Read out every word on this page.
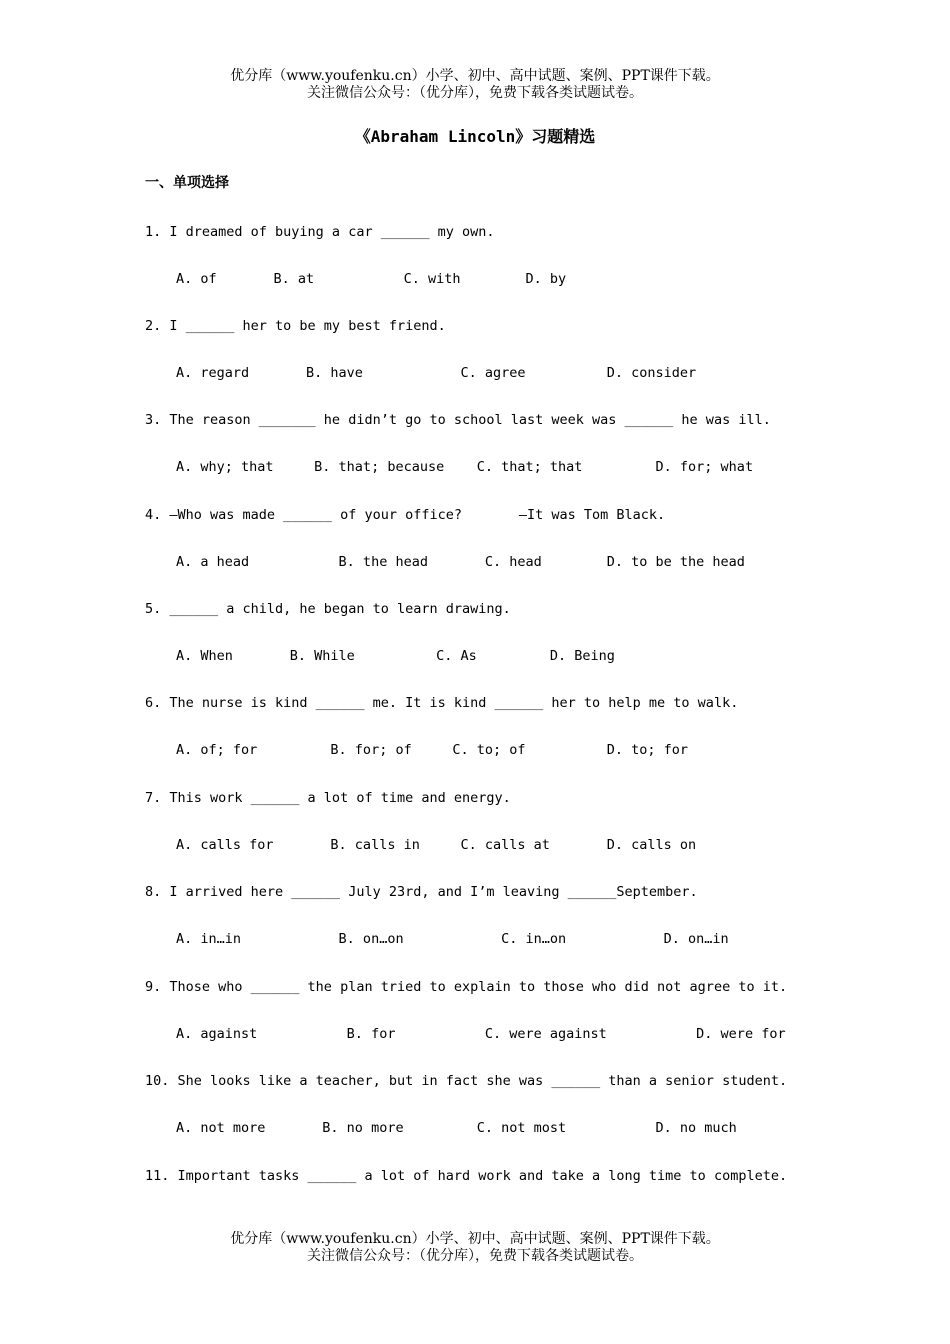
优分库（www.youfenku.cn）小学、初中、高中试题、案例、PPT课件下载。
关注微信公众号：（优分库），免费下载各类试题试卷。
《Abraham Lincoln》习题精选
一、单项选择
1. I dreamed of buying a car ______ my own.
A. of       B. at           C. with        D. by
2. I ______ her to be my best friend.
A. regard       B. have            C. agree          D. consider
3. The reason _______ he didn’t go to school last week was ______ he was ill.
A. why; that     B. that; because    C. that; that         D. for; what
4. —Who was made ______ of your office?       —It was Tom Black.
A. a head           B. the head       C. head        D. to be the head
5. ______ a child, he began to learn drawing.
A. When       B. While          C. As         D. Being
6. The nurse is kind ______ me. It is kind ______ her to help me to walk.
A. of; for         B. for; of     C. to; of          D. to; for
7. This work ______ a lot of time and energy.
A. calls for       B. calls in     C. calls at       D. calls on
8. I arrived here ______ July 23rd, and I’m leaving ______September.
A. in…in            B. on…on            C. in…on            D. on…in
9. Those who ______ the plan tried to explain to those who did not agree to it.
A. against           B. for           C. were against           D. were for
10. She looks like a teacher, but in fact she was ______ than a senior student.
A. not more       B. no more         C. not most           D. no much
11. Important tasks ______ a lot of hard work and take a long time to complete.
优分库（www.youfenku.cn）小学、初中、高中试题、案例、PPT课件下载。
关注微信公众号：（优分库），免费下载各类试题试卷。
